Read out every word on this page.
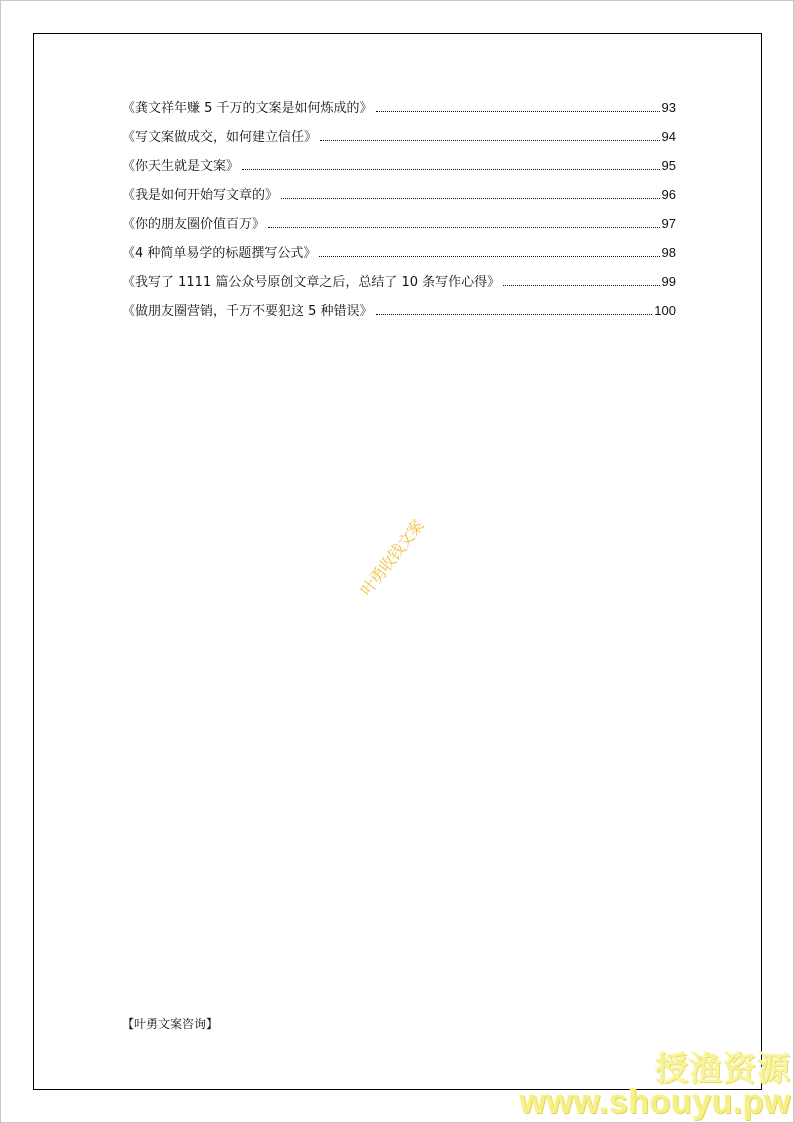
《龚文祥年赚 5 千万的文案是如何炼成的》	93
《写文案做成交，如何建立信任》	94
《你天生就是文案》	95
《我是如何开始写文章的》	96
《你的朋友圈价值百万》	97
《4 种简单易学的标题撰写公式》	98
《我写了 1111 篇公众号原创文章之后，总结了 10 条写作心得》	99
《做朋友圈营销，千万不要犯这 5 种错误》	100
叶勇收钱文案
【叶勇文案咨询】
授渔资源
www.shouyu.pw
